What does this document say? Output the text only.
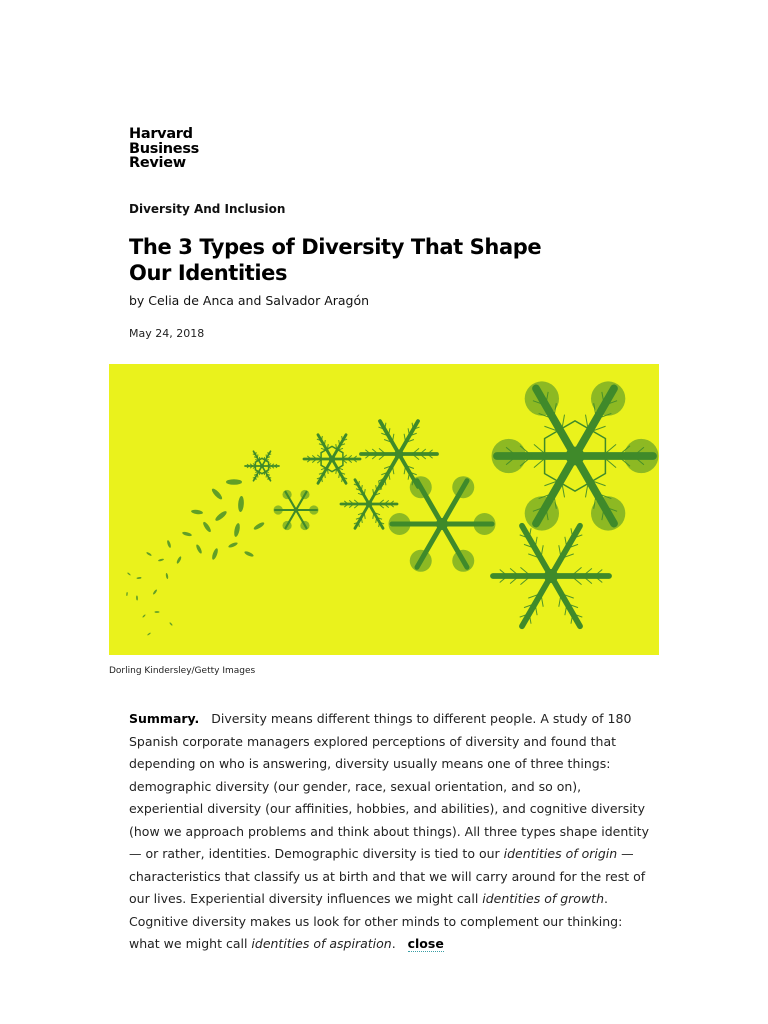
Harvard
Business
Review
Diversity And Inclusion
The 3 Types of Diversity That Shape Our Identities
by Celia de Anca and Salvador Aragón
May 24, 2018
Dorling Kindersley/Getty Images
Summary. Diversity means different things to different people. A study of 180 Spanish corporate managers explored perceptions of diversity and found that depending on who is answering, diversity usually means one of three things: demographic diversity (our gender, race, sexual orientation, and so on), experiential diversity (our affinities, hobbies, and abilities), and cognitive diversity (how we approach problems and think about things). All three types shape identity — or rather, identities. Demographic diversity is tied to our identities of origin — characteristics that classify us at birth and that we will carry around for the rest of our lives. Experiential diversity influences we might call identities of growth. Cognitive diversity makes us look for other minds to complement our thinking: what we might call identities of aspiration. close
